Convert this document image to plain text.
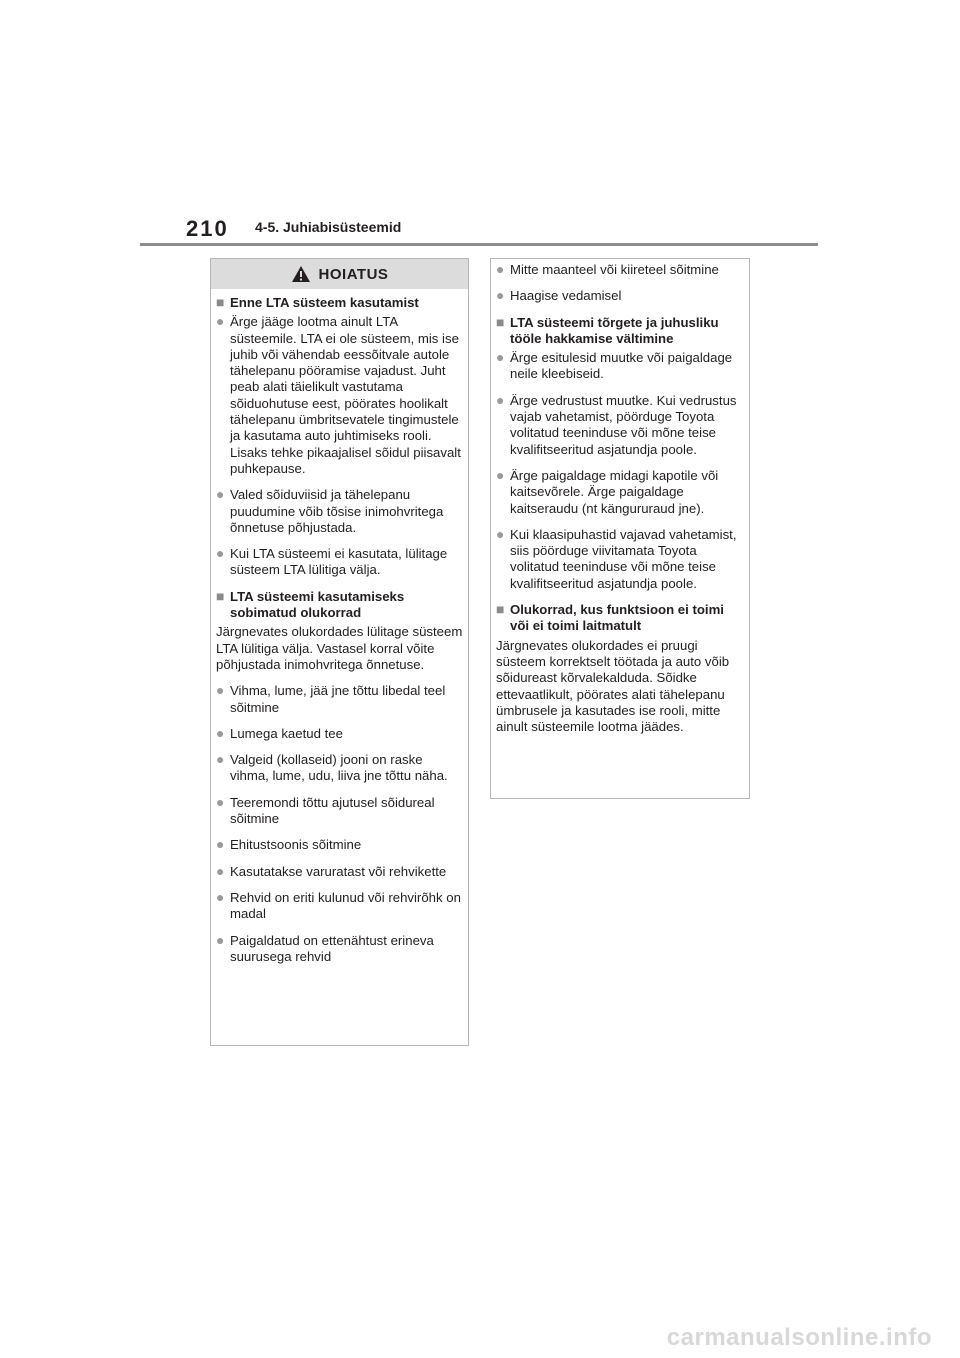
210 4-5. Juhiabisüsteemid
HOIATUS
■ Enne LTA süsteem kasutamist
● Ärge jääge lootma ainult LTA süsteemile. LTA ei ole süsteem, mis ise juhib või vähendab eessõitvale autole tähelepanu pööramise vajadust. Juht peab alati täielikult vastutama sõiduohutuse eest, pöörates hoolikalt tähelepanu ümbritsevatele tingimustele ja kasutama auto juhtimiseks rooli. Lisaks tehke pikaajalisel sõidul piisavalt puhkepause.
● Valed sõiduviisid ja tähelepanu puudumine võib tõsise inimohvritega õnnetuse põhjustada.
● Kui LTA süsteemi ei kasutata, lülitage süsteem LTA lülitiga välja.
■ LTA süsteemi kasutamiseks sobimatud olukorrad

Järgnevates olukordades lülitage süsteem LTA lülitiga välja. Vastasel korral võite põhjustada inimohvritega õnnetuse.

● Vihma, lume, jää jne tõttu libedal teel sõitmine
● Lumega kaetud tee
● Valgeid (kollaseid) jooni on raske vihma, lume, udu, liiva jne tõttu näha.
● Teeremondi tõttu ajutusel sõidureal sõitmine
● Ehitustsoonis sõitmine
● Kasutatakse varuratast või rehvikette
● Rehvid on eriti kulunud või rehvirõhk on madal
● Paigaldatud on ettenähtust erineva suurusega rehvid
● Mitte maanteel või kiireteel sõitmine
● Haagise vedamisel
■ LTA süsteemi tõrgete ja juhusliku tööle hakkamise vältimine
● Ärge esitulesid muutke või paigaldage neile kleebiseid.
● Ärge vedrustust muutke. Kui vedrustus vajab vahetamist, pöörduge Toyota volitatud teeninduse või mõne teise kvalifitseeritud asjatundja poole.
● Ärge paigaldage midagi kapotile või kaitsevõrele. Ärge paigaldage kaitseraudu (nt kängururaud jne).
● Kui klaasipuhastid vajavad vahetamist, siis pöörduge viivitamata Toyota volitatud teeninduse või mõne teise kvalifitseeritud asjatundja poole.
■ Olukorrad, kus funktsioon ei toimi või ei toimi laitmatult

Järgnevates olukordades ei pruugi süsteem korrektselt töötada ja auto võib sõidureast kõrvalekalduda. Sõidke ettevaatlikult, pöörates alati tähelepanu ümbrusele ja kasutades ise rooli, mitte ainult süsteemile lootma jäädes.

carmanualsonline.info
